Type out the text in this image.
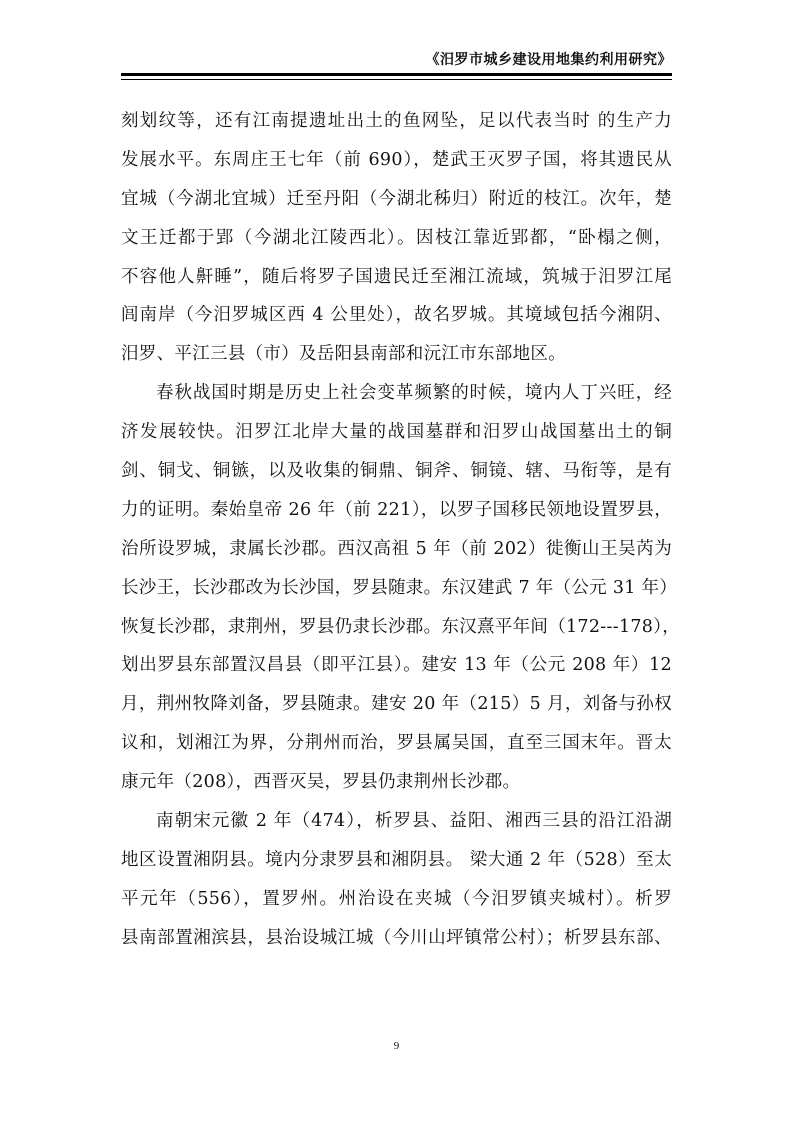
《汨罗市城乡建设用地集约利用研究》
刻划纹等，还有江南提遗址出土的鱼网坠，足以代表当时 的生产力
发展水平。东周庄王七年（前 690），楚武王灭罗子国，将其遗民从
宜城（今湖北宜城）迁至丹阳（今湖北秭归）附近的枝江。次年，楚
文王迁都于郢（今湖北江陵西北）。因枝江靠近郢都，“卧榻之侧，
不容他人鼾睡”，随后将罗子国遗民迁至湘江流域，筑城于汨罗江尾
闾南岸（今汨罗城区西 4 公里处），故名罗城。其境域包括今湘阴、
汨罗、平江三县（市）及岳阳县南部和沅江市东部地区。
春秋战国时期是历史上社会变革频繁的时候，境内人丁兴旺，经
济发展较快。汨罗江北岸大量的战国墓群和汨罗山战国墓出土的铜
剑、铜戈、铜镞，以及收集的铜鼎、铜斧、铜镜、辖、马衔等，是有
力的证明。秦始皇帝 26 年（前 221），以罗子国移民领地设置罗县，
治所设罗城，隶属长沙郡。西汉高祖 5 年（前 202）徙衡山王吴芮为
长沙王，长沙郡改为长沙国，罗县随隶。东汉建武 7 年（公元 31 年）
恢复长沙郡，隶荆州，罗县仍隶长沙郡。东汉熹平年间（172---178），
划出罗县东部置汉昌县（即平江县）。建安 13 年（公元 208 年）12
月，荆州牧降刘备，罗县随隶。建安 20 年（215）5 月，刘备与孙权
议和，划湘江为界，分荆州而治，罗县属吴国，直至三国末年。晋太
康元年（208），西晋灭吴，罗县仍隶荆州长沙郡。
南朝宋元徽 2 年（474），析罗县、益阳、湘西三县的沿江沿湖
地区设置湘阴县。境内分隶罗县和湘阴县。 梁大通 2 年（528）至太
平元年（556），置罗州。州治设在夹城（今汨罗镇夹城村）。析罗
县南部置湘滨县，县治设城江城（今川山坪镇常公村）；析罗县东部、
9
